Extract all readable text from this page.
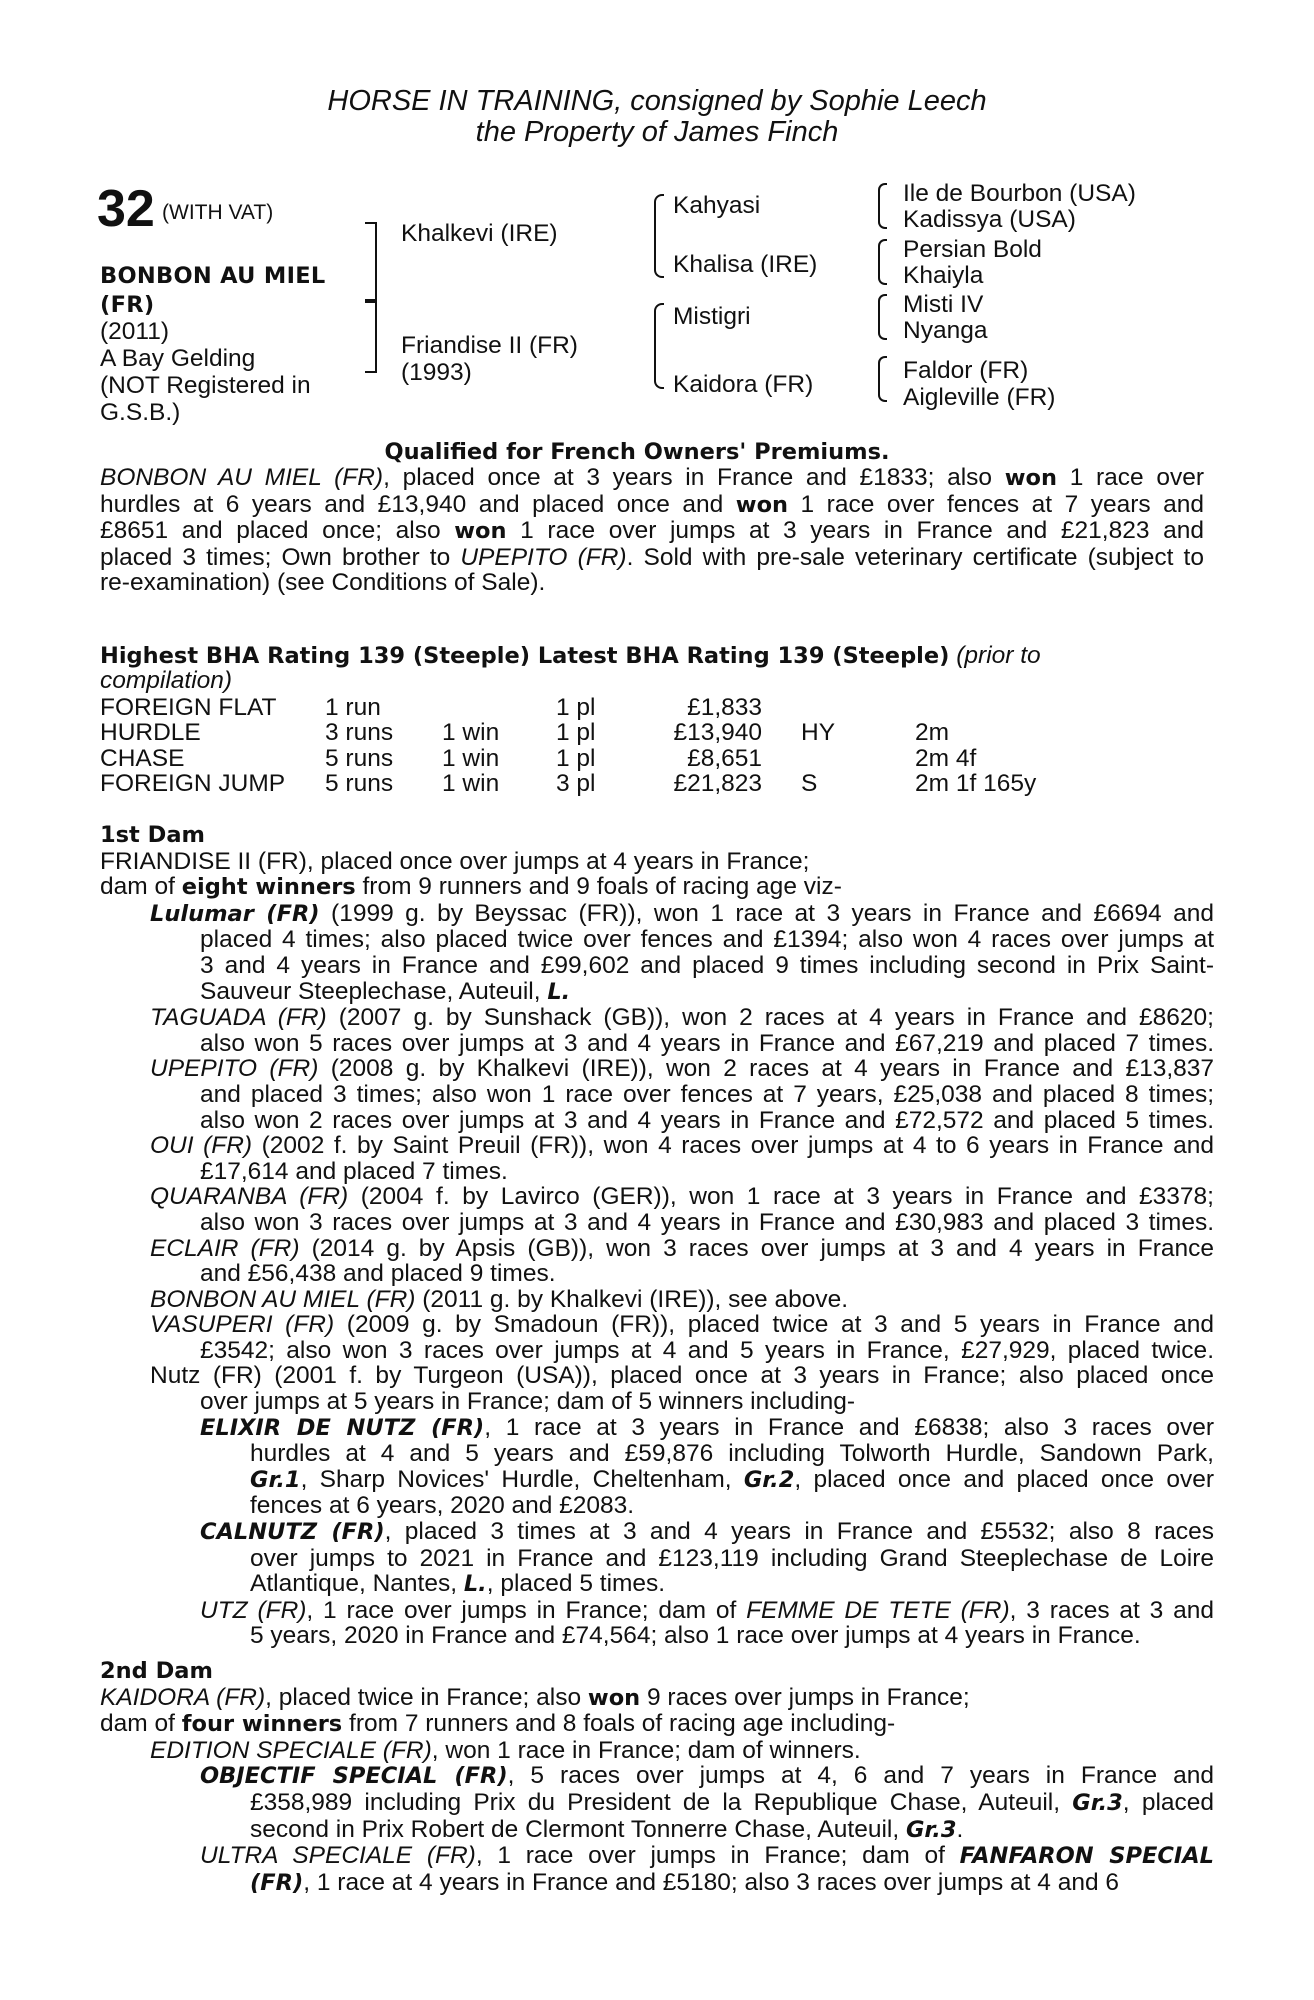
HORSE IN TRAINING, consigned by Sophie Leech
the Property of James Finch
32 (WITH VAT)
BONBON AU MIEL (FR)
(2011)
A Bay Gelding
(NOT Registered in G.S.B.)
Khalkevi (IRE)
Friandise II (FR) (1993)
Kahyasi
Khalisa (IRE)
Mistigri
Kaidora (FR)
Ile de Bourbon (USA)
Kadissya (USA)
Persian Bold
Khaiyla
Misti IV
Nyanga
Faldor (FR)
Aigleville (FR)
Qualified for French Owners' Premiums.
BONBON AU MIEL (FR), placed once at 3 years in France and £1833; also won 1 race over
hurdles at 6 years and £13,940 and placed once and won 1 race over fences at 7 years and
£8651 and placed once; also won 1 race over jumps at 3 years in France and £21,823 and
placed 3 times; Own brother to UPEPITO (FR). Sold with pre-sale veterinary certificate (subject to
re-examination) (see Conditions of Sale).
Highest BHA Rating 139 (Steeple) Latest BHA Rating 139 (Steeple) (prior to
compilation)
FOREIGN FLAT 1 run	1 pl	£1,833
HURDLE	3 runs 1 win 1 pl	£13,940 HY	2m
CHASE	5 runs 1 win 1 pl	£8,651	2m 4f
FOREIGN JUMP 5 runs 1 win 3 pl	£21,823 S	2m 1f 165y
1st Dam
FRIANDISE II (FR), placed once over jumps at 4 years in France;
dam of eight winners from 9 runners and 9 foals of racing age viz-
Lulumar (FR) (1999 g. by Beyssac (FR)), won 1 race at 3 years in France and £6694 and
placed 4 times; also placed twice over fences and £1394; also won 4 races over jumps at
3 and 4 years in France and £99,602 and placed 9 times including second in Prix Saint-
Sauveur Steeplechase, Auteuil, L.
TAGUADA (FR) (2007 g. by Sunshack (GB)), won 2 races at 4 years in France and £8620;
also won 5 races over jumps at 3 and 4 years in France and £67,219 and placed 7 times.
UPEPITO (FR) (2008 g. by Khalkevi (IRE)), won 2 races at 4 years in France and £13,837
and placed 3 times; also won 1 race over fences at 7 years, £25,038 and placed 8 times;
also won 2 races over jumps at 3 and 4 years in France and £72,572 and placed 5 times.
OUI (FR) (2002 f. by Saint Preuil (FR)), won 4 races over jumps at 4 to 6 years in France and
£17,614 and placed 7 times.
QUARANBA (FR) (2004 f. by Lavirco (GER)), won 1 race at 3 years in France and £3378;
also won 3 races over jumps at 3 and 4 years in France and £30,983 and placed 3 times.
ECLAIR (FR) (2014 g. by Apsis (GB)), won 3 races over jumps at 3 and 4 years in France
and £56,438 and placed 9 times.
BONBON AU MIEL (FR) (2011 g. by Khalkevi (IRE)), see above.
VASUPERI (FR) (2009 g. by Smadoun (FR)), placed twice at 3 and 5 years in France and
£3542; also won 3 races over jumps at 4 and 5 years in France, £27,929, placed twice.
Nutz (FR) (2001 f. by Turgeon (USA)), placed once at 3 years in France; also placed once
over jumps at 5 years in France; dam of 5 winners including-
ELIXIR DE NUTZ (FR), 1 race at 3 years in France and £6838; also 3 races over
hurdles at 4 and 5 years and £59,876 including Tolworth Hurdle, Sandown Park,
Gr.1, Sharp Novices' Hurdle, Cheltenham, Gr.2, placed once and placed once over
fences at 6 years, 2020 and £2083.
CALNUTZ (FR), placed 3 times at 3 and 4 years in France and £5532; also 8 races
over jumps to 2021 in France and £123,119 including Grand Steeplechase de Loire
Atlantique, Nantes, L., placed 5 times.
UTZ (FR), 1 race over jumps in France; dam of FEMME DE TETE (FR), 3 races at 3 and
5 years, 2020 in France and £74,564; also 1 race over jumps at 4 years in France.
2nd Dam
KAIDORA (FR), placed twice in France; also won 9 races over jumps in France;
dam of four winners from 7 runners and 8 foals of racing age including-
EDITION SPECIALE (FR), won 1 race in France; dam of winners.
OBJECTIF SPECIAL (FR), 5 races over jumps at 4, 6 and 7 years in France and
£358,989 including Prix du President de la Republique Chase, Auteuil, Gr.3, placed
second in Prix Robert de Clermont Tonnerre Chase, Auteuil, Gr.3.
ULTRA SPECIALE (FR), 1 race over jumps in France; dam of FANFARON SPECIAL
(FR), 1 race at 4 years in France and £5180; also 3 races over jumps at 4 and 6
